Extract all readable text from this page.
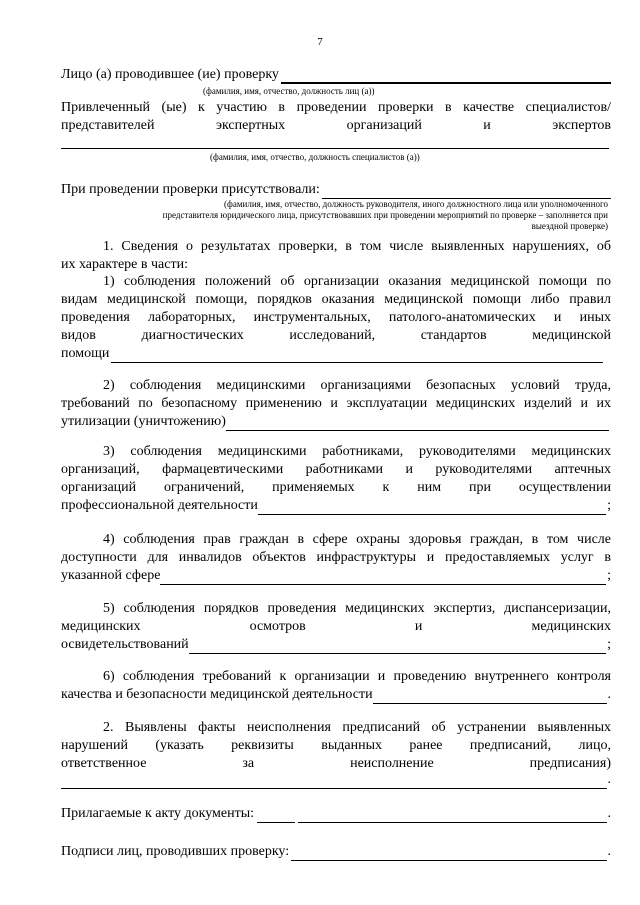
7
Лицо (а) проводившее (ие) проверку
(фамилия, имя, отчество, должность лиц (а))
Привлеченный (ые) к участию в проведении проверки в качестве специалистов/
представителей экспертных организаций и экспертов
(фамилия, имя, отчество, должность специалистов (а))
При проведении проверки присутствовали:
(фамилия, имя, отчество, должность руководителя, иного должностного лица или уполномоченного
представителя юридического лица, присутствовавших при проведении мероприятий по проверке – заполняется при
выездной проверке)
1. Сведения о результатах проверки, в том числе выявленных нарушениях, об
их характере в части:
1) соблюдения положений об организации оказания медицинской помощи по
видам медицинской помощи, порядков оказания медицинской помощи либо правил
проведения лабораторных, инструментальных, патолого-анатомических и иных
видов диагностических исследований, стандартов медицинской
помощи
2) соблюдения медицинскими организациями безопасных условий труда,
требований по безопасному применению и эксплуатации медицинских изделий и их
утилизации (уничтожению)
3) соблюдения медицинскими работниками, руководителями медицинских
организаций, фармацевтическими работниками и руководителями аптечных
организаций ограничений, применяемых к ним при осуществлении
профессиональной деятельности	;
4) соблюдения прав граждан в сфере охраны здоровья граждан, в том числе
доступности для инвалидов объектов инфраструктуры и предоставляемых услуг в
указанной сфере	;
5) соблюдения порядков проведения медицинских экспертиз, диспансеризации,
медицинских осмотров и медицинских
освидетельствований	;
6) соблюдения требований к организации и проведению внутреннего контроля
качества и безопасности медицинской деятельности	.
2. Выявлены факты неисполнения предписаний об устранении выявленных
нарушений (указать реквизиты выданных ранее предписаний, лицо,
ответственное за неисполнение предписания)
.
Прилагаемые к акту документы:	.
Подписи лиц, проводивших проверку:	.
